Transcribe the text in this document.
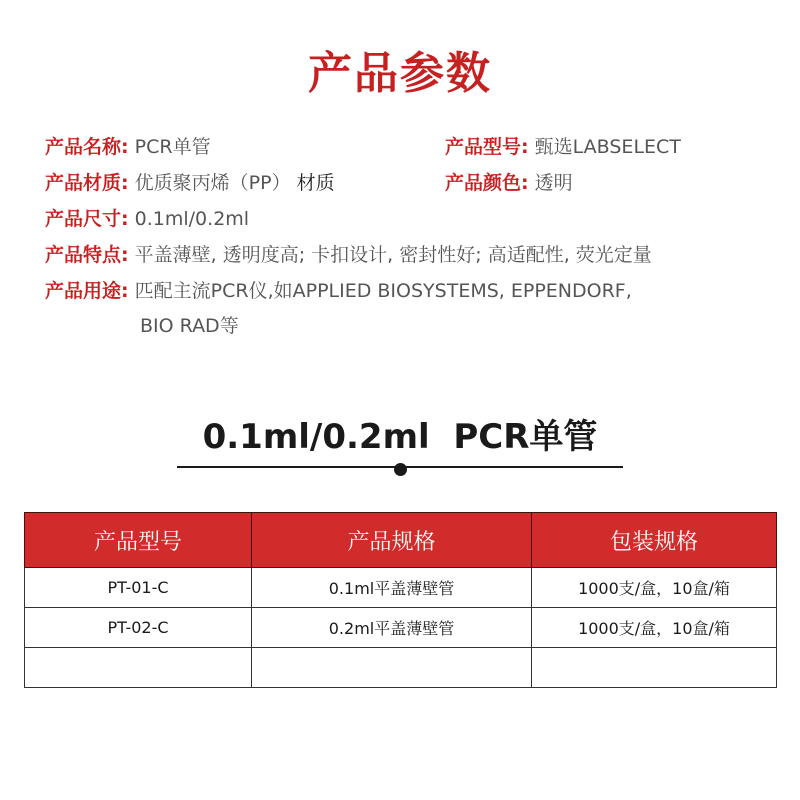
产品参数
产品名称: PCR单管	产品型号: 甄选LABSELECT
产品材质: 优质聚丙烯（PP） 材质	产品颜色: 透明
产品尺寸: 0.1ml/0.2ml
产品特点: 平盖薄壁, 透明度高; 卡扣设计, 密封性好; 高适配性, 荧光定量
产品用途: 匹配主流PCR仪,如APPLIED BIOSYSTEMS, EPPENDORF,
BIO RAD等
0.1ml/0.2ml  PCR单管
产品型号	产品规格	包装规格
PT-01-C	0.1ml平盖薄壁管	1000支/盒，10盒/箱
PT-02-C	0.2ml平盖薄壁管	1000支/盒，10盒/箱
